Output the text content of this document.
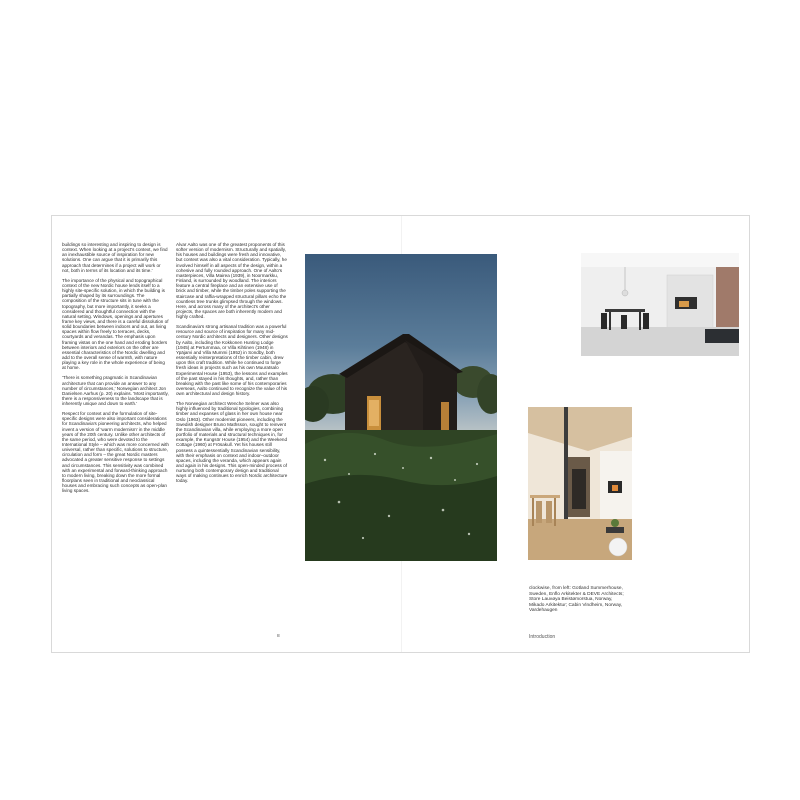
buildings so interesting and inspiring to design is context. When looking at a project's context, we find an inexhaustible source of inspiration for new solutions. One can argue that it is primarily this approach that determines if a project will work or not, both in terms of its location and its time.'

The importance of the physical and topographical context of the new Nordic house lends itself to a highly site-specific solution, in which the building is partially shaped by its surroundings. The composition of the structure sits in tune with the topography, but more importantly, it seeks a considered and thoughtful connection with the natural setting. Windows, openings and apertures frame key views, and there is a careful dissolution of solid boundaries between indoors and out, as living spaces within flow freely to terraces, decks, courtyards and verandas. The emphasis upon framing vistas on the one hand and eroding borders between interiors and exteriors on the other are essential characteristics of the Nordic dwelling and add to the overall sense of warmth, with nature playing a key role in the whole experience of being at home.

'There is something pragmatic in Scandinavian architecture that can provide an answer to any number of circumstances,' Norwegian architect Jon Danielsen Aarhus (p. 20) explains. 'Most importantly, there is a responsiveness to the landscape that is inherently unique and down to earth.'

Respect for context and the formulation of site-specific designs were also important considerations for Scandinavia's pioneering architects, who helped invent a version of 'warm modernism' in the middle years of the 20th century. Unlike other architects of the same period, who were devoted to the International Style – which was more concerned with universal, rather than specific, solutions to structure, circulation and form – the great Nordic masters advocated a greater sensitive response to settings and circumstances. This sensitivity was combined with an experimental and forward-thinking approach to modern living, breaking down the more formal floorplans seen in traditional and neoclassical houses and embracing such concepts as open-plan living spaces.

Alvar Aalto was one of the greatest proponents of this softer version of modernism. Structurally and spatially, his houses and buildings were fresh and innovative, but context was also a vital consideration. Typically, he involved himself in all aspects of the design, within a cohesive and fully rounded approach. One of Aalto's masterpieces, Villa Mairea (1939), in Noormarkku, Finland, is surrounded by woodland. The interiors feature a central fireplace and an extensive use of brick and timber, while the timber poles supporting the staircase and raffia-wrapped structural pillars echo the countless tree trunks glimpsed through the windows. Here, and across many of the architect's other projects, the spaces are both inherently modern and highly crafted.

Scandinavia's strong artisanal tradition was a powerful resource and source of inspiration for many mid-century Nordic architects and designers. Other designs by Aalto, including the Kokkonen Hunting Lodge (1945) at Perturnmaa, or Villa Kihtinen (1948) in Ypäjarvi and Villa Mummi (1952) in Sondby, both essentially reinterpretations of the timber cabin, drew upon this craft tradition. While he continued to forge fresh ideas in projects such as his own Muuratsalo Experimental House (1953), the lessons and examples of the past stayed in his thoughts, and, rather than breaking with the past like some of his contemporaries overseas, Aalto continued to recognize the value of his own architectural and design history.

The Norwegian architect Wenche Selmer was also highly influenced by traditional typologies, combining timber and expanses of glass in her own house near Oslo (1963). Other modernist pioneers, including the Swedish designer Bruno Mathsson, sought to reinvent the Scandinavian villa, while employing a more open portfolio of materials and structural techniques in, for example, the Kungsör House (1954) and the Weekend Cottage (1960) at Frösakull. Yet his houses still possess a quintessentially Scandinavian sensibility, with their emphasis on context and indoor–outdoor spaces, including the veranda, which appears again and again in his designs. This open-minded process of nurturing both contemporary design and traditional ways of making continues to enrich Nordic architecture today.

8
clockwise, from left: Gotland Summerhouse, Sweden, Enflo Arkitekter & DEVE Architects; Store Lauvøya Beistømorstua, Norway, Mikado Arkitektur; Cabin Vindheim, Norway, Vardehaugen
Introduction
